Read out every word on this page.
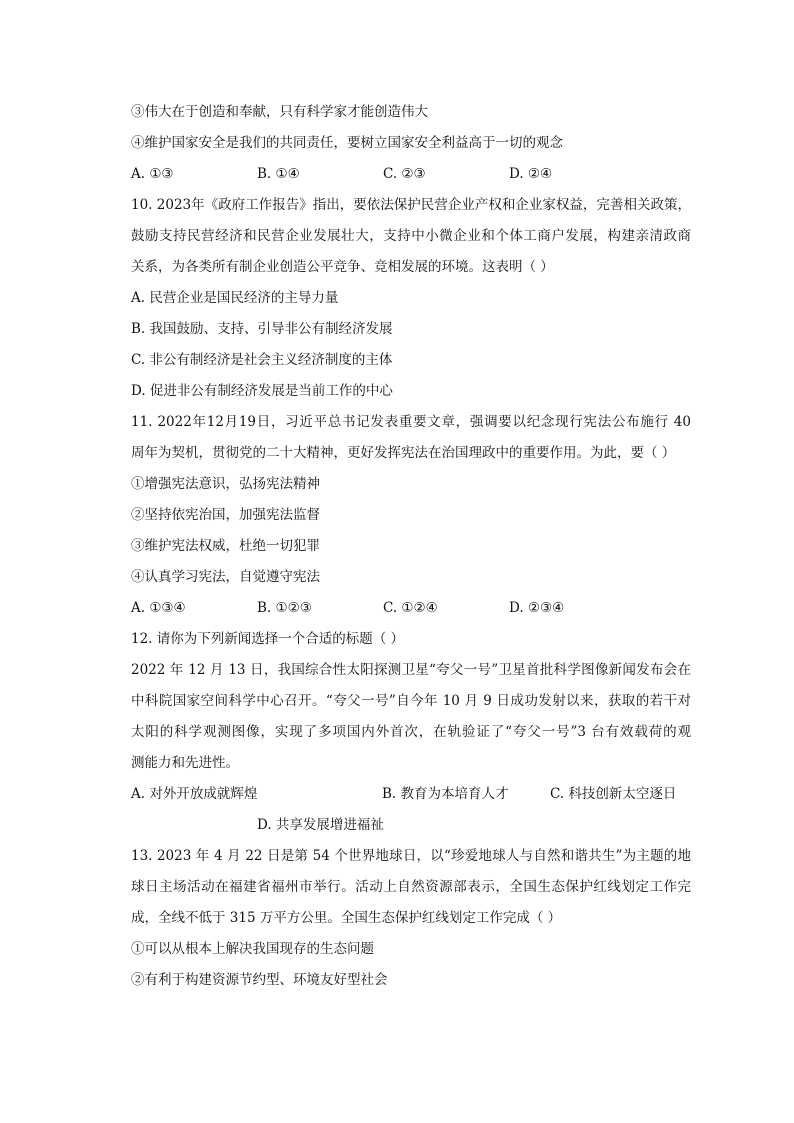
③伟大在于创造和奉献，只有科学家才能创造伟大
④维护国家安全是我们的共同责任，要树立国家安全利益高于一切的观念
A. ①③	B. ①④	C. ②③	D. ②④
10. 2023年《政府工作报告》指出，要依法保护民营企业产权和企业家权益，完善相关政策，
鼓励支持民营经济和民营企业发展壮大，支持中小微企业和个体工商户发展，构建亲清政商
关系，为各类所有制企业创造公平竞争、竞相发展的环境。这表明（ ）
A. 民营企业是国民经济的主导力量
B. 我国鼓励、支持、引导非公有制经济发展
C. 非公有制经济是社会主义经济制度的主体
D. 促进非公有制经济发展是当前工作的中心
11. 2022年12月19日，习近平总书记发表重要文章，强调要以纪念现行宪法公布施行 40
周年为契机，贯彻党的二十大精神，更好发挥宪法在治国理政中的重要作用。为此，要（ ）
①增强宪法意识，弘扬宪法精神
②坚持依宪治国，加强宪法监督
③维护宪法权威，杜绝一切犯罪
④认真学习宪法，自觉遵守宪法
A. ①③④	B. ①②③	C. ①②④	D. ②③④
12. 请你为下列新闻选择一个合适的标题（ ）
2022 年 12 月 13 日，我国综合性太阳探测卫星“夸父一号”卫星首批科学图像新闻发布会在
中科院国家空间科学中心召开。“夸父一号”自今年 10 月 9 日成功发射以来，获取的若干对
太阳的科学观测图像，实现了多项国内外首次，在轨验证了“夸父一号”3 台有效载荷的观
测能力和先进性。
A. 对外开放成就辉煌	B. 教育为本培育人才	C. 科技创新太空逐日
D. 共享发展增进福祉
13. 2023 年 4 月 22 日是第 54 个世界地球日，以“珍爱地球人与自然和谐共生”为主题的地
球日主场活动在福建省福州市举行。活动上自然资源部表示，全国生态保护红线划定工作完
成，全线不低于 315 万平方公里。全国生态保护红线划定工作完成（ ）
①可以从根本上解决我国现存的生态问题
②有利于构建资源节约型、环境友好型社会
